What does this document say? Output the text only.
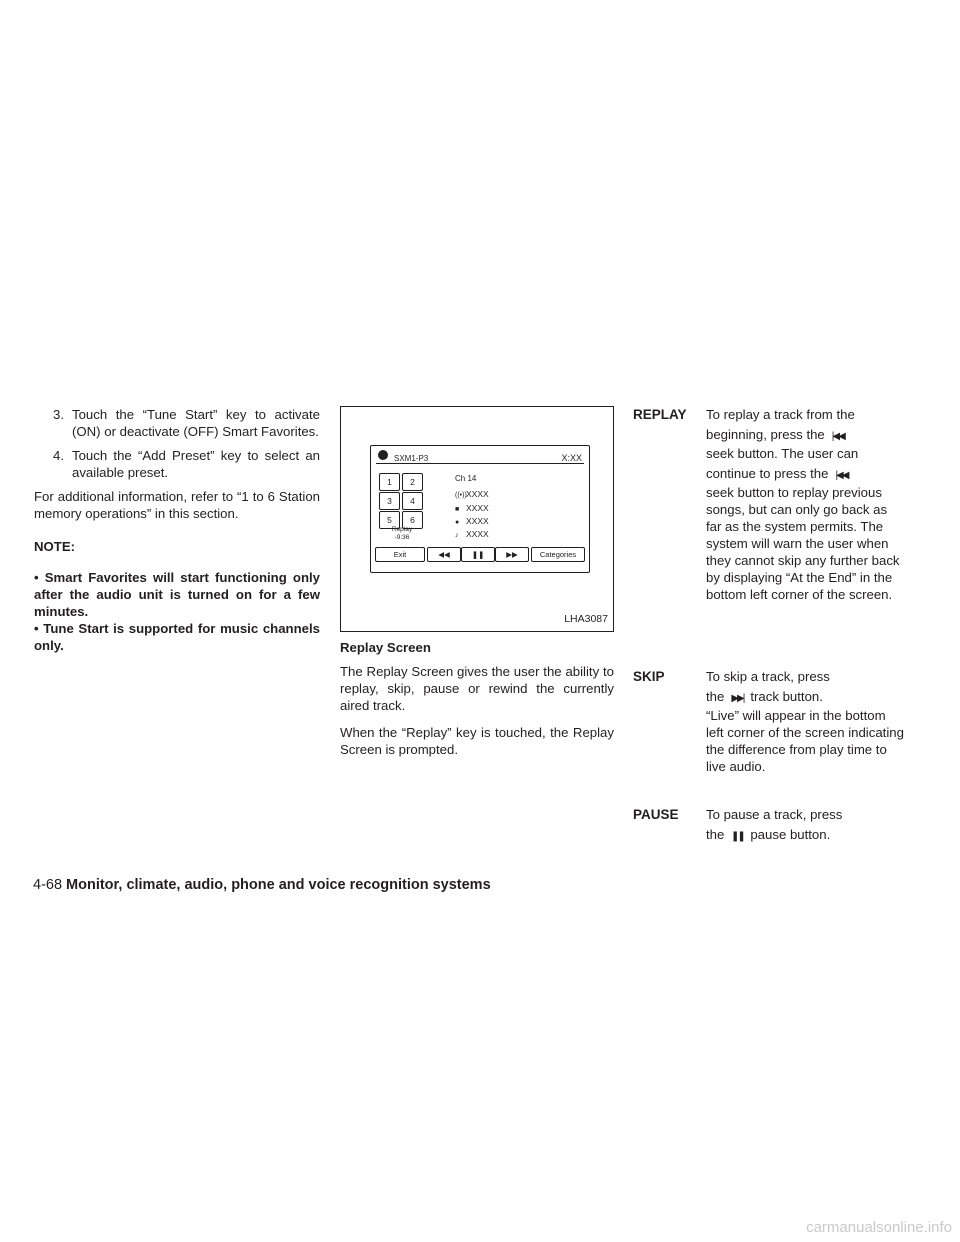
3. Touch the “Tune Start” key to activate (ON) or deactivate (OFF) Smart Favorites.
4. Touch the “Add Preset” key to select an available preset.
For additional information, refer to “1 to 6 Station memory operations” in this section.
NOTE:
• Smart Favorites will start functioning only after the audio unit is turned on for a few minutes.
• Tune Start is supported for music channels only.
SXM1-P3	X:XX
1	2
3	4
5	6
Ch 14
((•))XXXX
■ XXXX
● XXXX
♪ XXXX
Replay
-9:36
Exit	◀◀	❚❚	▶▶	Categories
LHA3087
Replay Screen
The Replay Screen gives the user the ability to replay, skip, pause or rewind the currently aired track.
When the “Replay” key is touched, the Replay Screen is prompted.
REPLAY To replay a track from the
beginning, press the |◀◀
seek button. The user can
continue to press the |◀◀
seek button to replay previous songs, but can only go back as far as the system permits. The system will warn the user when they cannot skip any further back by displaying “At the End” in the bottom left corner of the screen.
SKIP	To skip a track, press
the ▶▶| track button.
“Live” will appear in the bottom left corner of the screen indicating the difference from play time to live audio.
PAUSE To pause a track, press
the ❚❚ pause button.
4-68 Monitor, climate, audio, phone and voice recognition systems
carmanualsonline.info
